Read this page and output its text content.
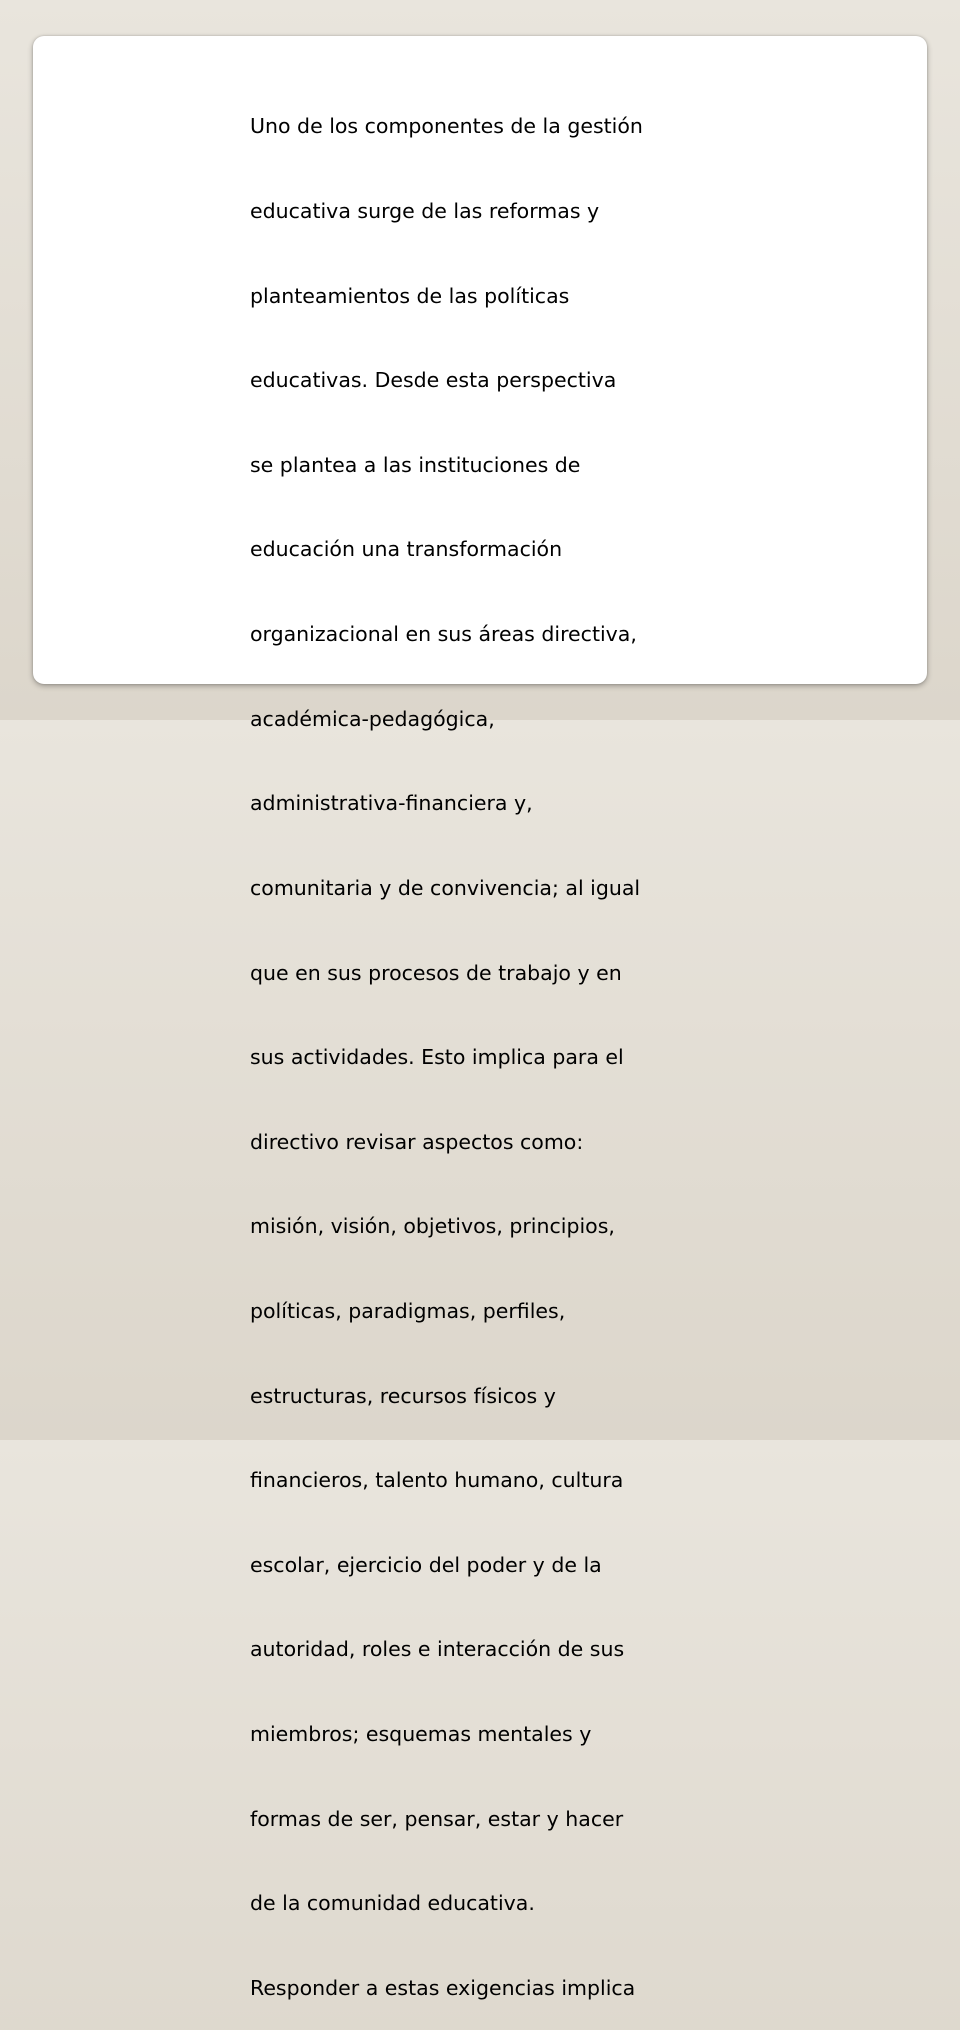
Uno de los componentes de la gestión

educativa surge de las reformas y

planteamientos de las políticas

educativas. Desde esta perspectiva

se plantea a las instituciones de

educación una transformación

organizacional en sus áreas directiva,

académica-pedagógica,

administrativa-financiera y,

comunitaria y de convivencia; al igual

que en sus procesos de trabajo y en

sus actividades. Esto implica para el

directivo revisar aspectos como:

misión, visión, objetivos, principios,

políticas, paradigmas, perfiles,

estructuras, recursos físicos y

financieros, talento humano, cultura

escolar, ejercicio del poder y de la

autoridad, roles e interacción de sus

miembros; esquemas mentales y

formas de ser, pensar, estar y hacer

de la comunidad educativa.

Responder a estas exigencias implica
